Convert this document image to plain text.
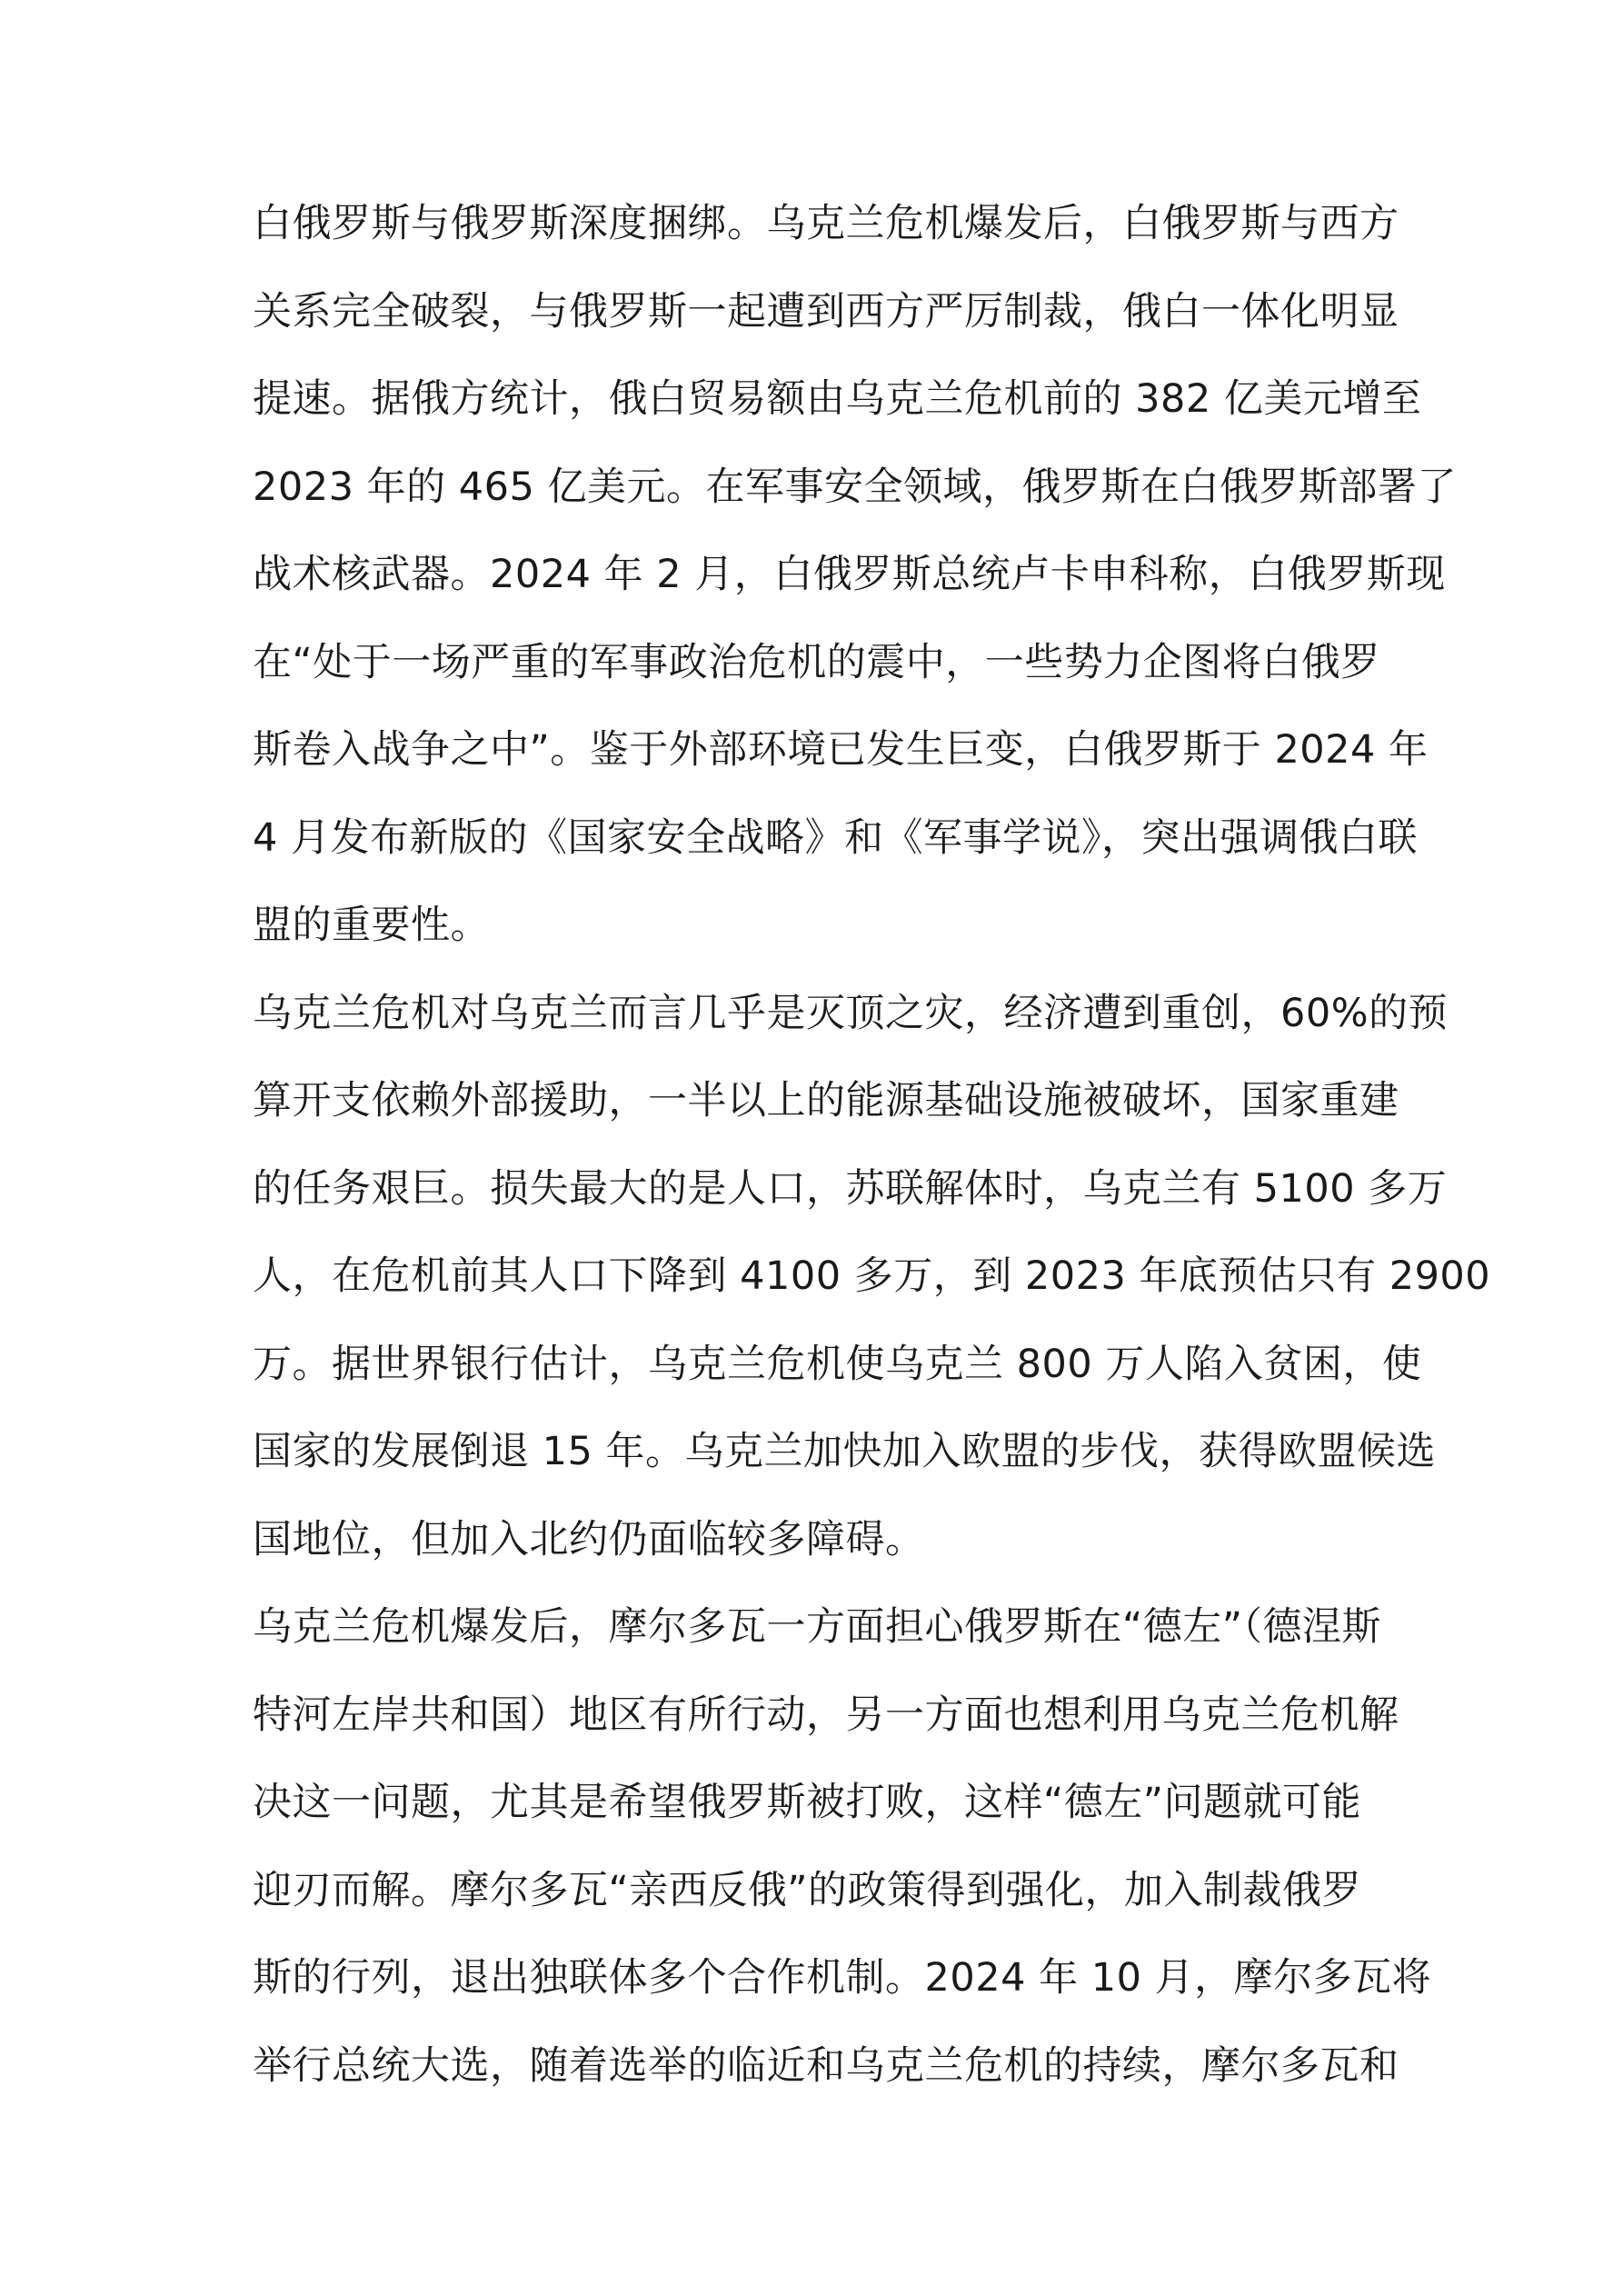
白俄罗斯与俄罗斯深度捆绑。乌克兰危机爆发后，白俄罗斯与西方
关系完全破裂，与俄罗斯一起遭到西方严厉制裁，俄白一体化明显
提速。据俄方统计，俄白贸易额由乌克兰危机前的 382 亿美元增至
2023 年的 465 亿美元。在军事安全领域，俄罗斯在白俄罗斯部署了
战术核武器。2024 年 2 月，白俄罗斯总统卢卡申科称，白俄罗斯现
在“处于一场严重的军事政治危机的震中，一些势力企图将白俄罗
斯卷入战争之中”。鉴于外部环境已发生巨变，白俄罗斯于 2024 年
4 月发布新版的《国家安全战略》和《军事学说》，突出强调俄白联
盟的重要性。

乌克兰危机对乌克兰而言几乎是灭顶之灾，经济遭到重创，60%的预
算开支依赖外部援助，一半以上的能源基础设施被破坏，国家重建
的任务艰巨。损失最大的是人口，苏联解体时，乌克兰有 5100 多万
人，在危机前其人口下降到 4100 多万，到 2023 年底预估只有 2900
万。据世界银行估计，乌克兰危机使乌克兰 800 万人陷入贫困，使
国家的发展倒退 15 年。乌克兰加快加入欧盟的步伐，获得欧盟候选
国地位，但加入北约仍面临较多障碍。

乌克兰危机爆发后，摩尔多瓦一方面担心俄罗斯在“德左”（德涅斯
特河左岸共和国）地区有所行动，另一方面也想利用乌克兰危机解
决这一问题，尤其是希望俄罗斯被打败，这样“德左”问题就可能
迎刃而解。摩尔多瓦“亲西反俄”的政策得到强化，加入制裁俄罗
斯的行列，退出独联体多个合作机制。2024 年 10 月，摩尔多瓦将
举行总统大选，随着选举的临近和乌克兰危机的持续，摩尔多瓦和
